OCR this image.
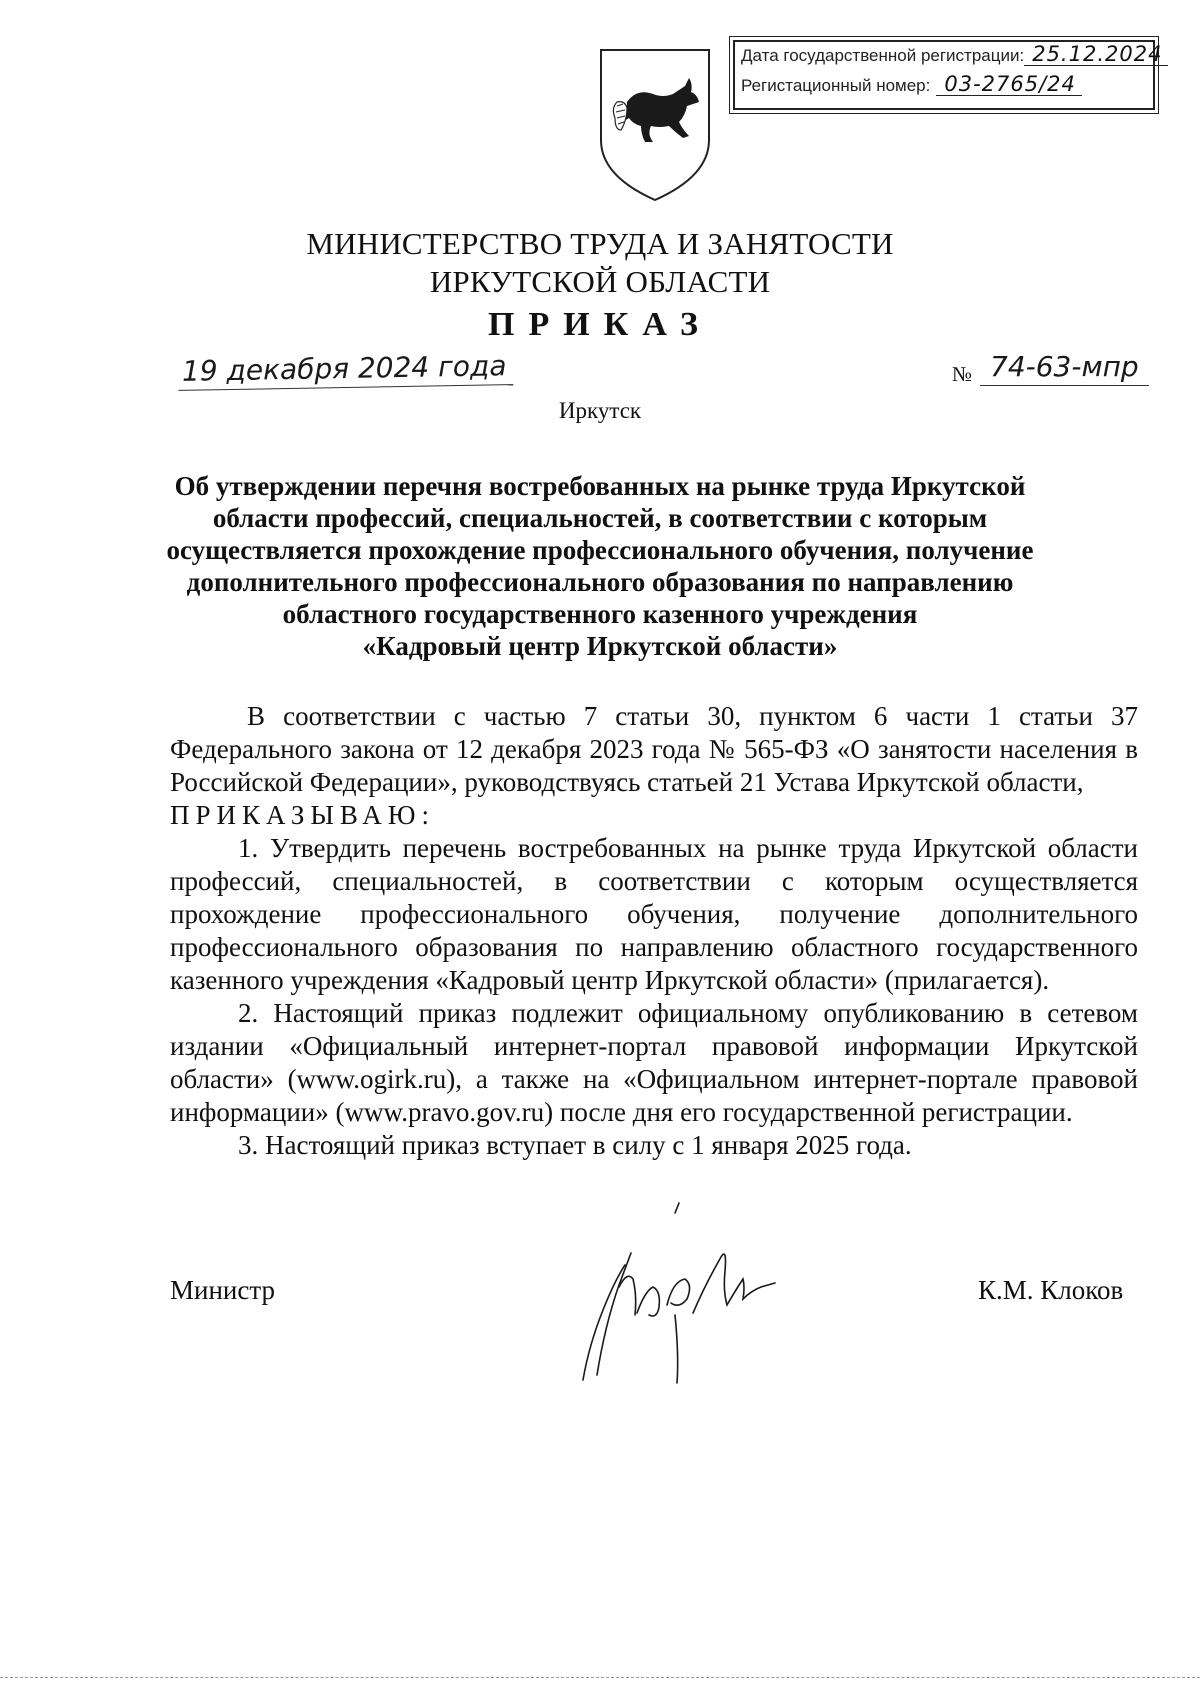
Дата государственной регистрации: 25.12.2024
Регистационный номер: 03-2765/24
МИНИСТЕРСТВО ТРУДА И ЗАНЯТОСТИ
ИРКУТСКОЙ ОБЛАСТИ
ПРИКАЗ
19 декабря 2024 года	№ 74-63-мпр
Иркутск
Об утверждении перечня востребованных на рынке труда Иркутской
области профессий, специальностей, в соответствии с которым
осуществляется прохождение профессионального обучения, получение
дополнительного профессионального образования по направлению
областного государственного казенного учреждения
«Кадровый центр Иркутской области»

В соответствии с частью 7 статьи 30, пунктом 6 части 1 статьи 37 Федерального закона от 12 декабря 2023 года № 565-ФЗ «О занятости населения в Российской Федерации», руководствуясь статьей 21 Устава Иркутской области,

ПРИКАЗЫВАЮ:

1. Утвердить перечень востребованных на рынке труда Иркутской области профессий, специальностей, в соответствии с которым осуществляется прохождение профессионального обучения, получение дополнительного профессионального образования по направлению областного государственного казенного учреждения «Кадровый центр Иркутской области» (прилагается).

2. Настоящий приказ подлежит официальному опубликованию в сетевом издании «Официальный интернет-портал правовой информации Иркутской области» (www.ogirk.ru), а также на «Официальном интернет-портале правовой информации» (www.pravo.gov.ru) после дня его государственной регистрации.

3. Настоящий приказ вступает в силу с 1 января 2025 года.

Министр	К.М. Клоков
